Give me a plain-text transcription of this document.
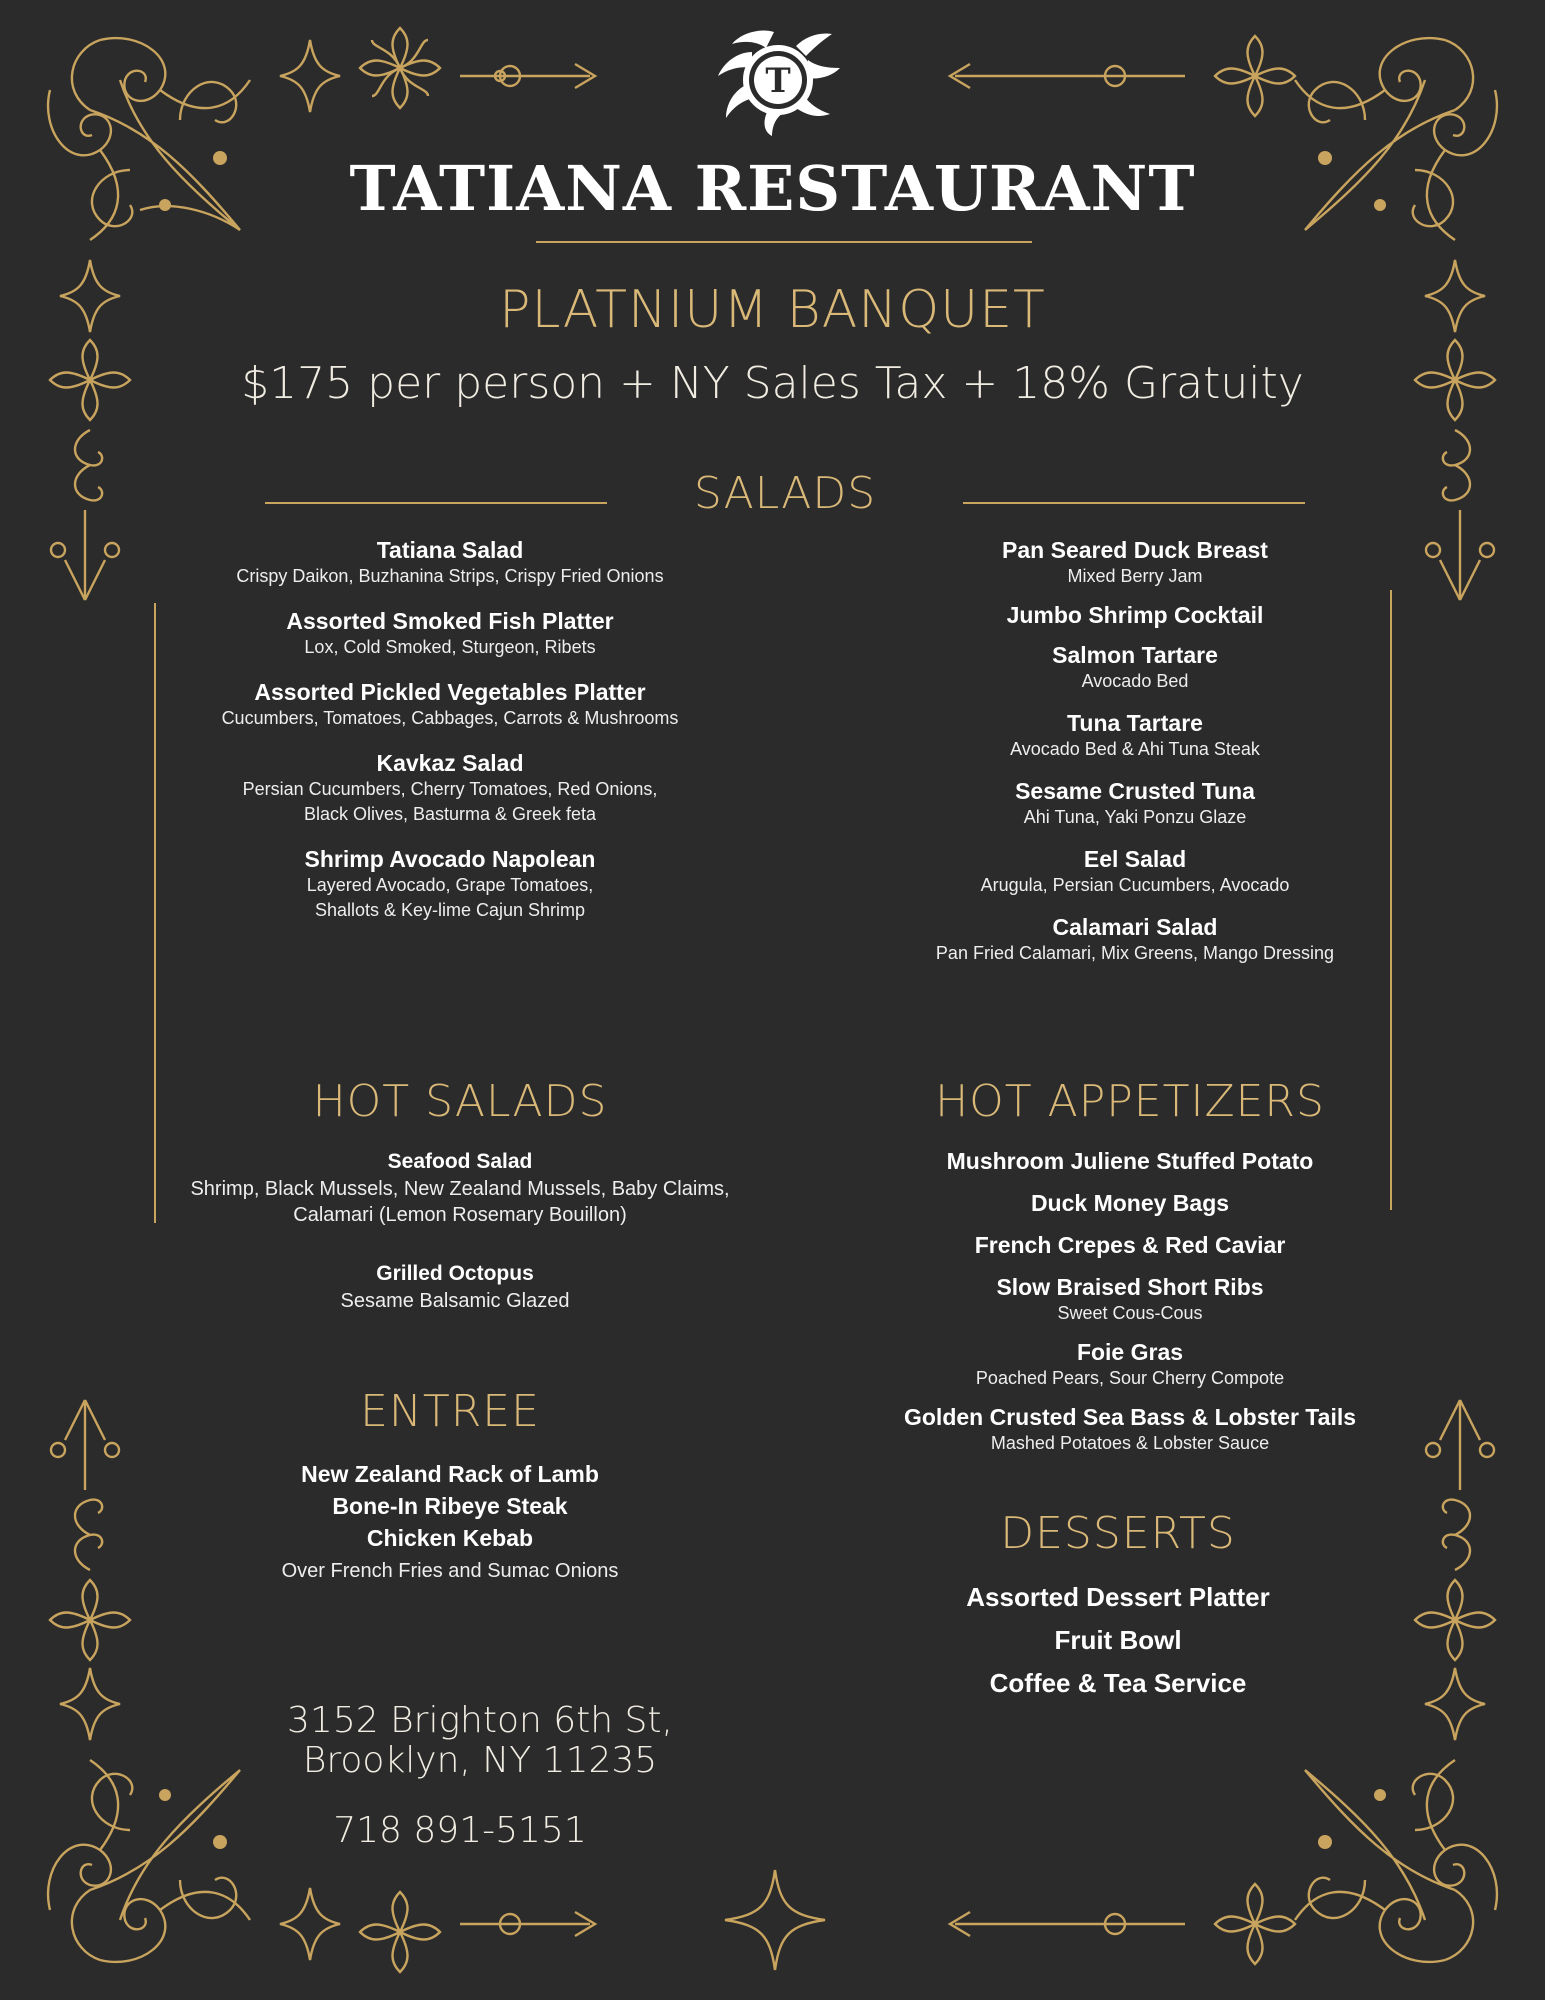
T
TATIANA RESTAURANT
PLATNIUM BANQUET
$175 per person + NY Sales Tax + 18% Gratuity
SALADS
Tatiana Salad
Crispy Daikon, Buzhanina Strips, Crispy Fried Onions
Assorted Smoked Fish Platter
Lox, Cold Smoked, Sturgeon, Ribets
Assorted Pickled Vegetables Platter
Cucumbers, Tomatoes, Cabbages, Carrots & Mushrooms
Kavkaz Salad
Persian Cucumbers, Cherry Tomatoes, Red Onions,
Black Olives, Basturma & Greek feta
Shrimp Avocado Napolean
Layered Avocado, Grape Tomatoes,
Shallots & Key-lime Cajun Shrimp
Pan Seared Duck Breast
Mixed Berry Jam
Jumbo Shrimp Cocktail
Salmon Tartare
Avocado Bed
Tuna Tartare
Avocado Bed & Ahi Tuna Steak
Sesame Crusted Tuna
Ahi Tuna, Yaki Ponzu Glaze
Eel Salad
Arugula, Persian Cucumbers, Avocado
Calamari Salad
Pan Fried Calamari, Mix Greens, Mango Dressing
HOT SALADS
Seafood Salad
Shrimp, Black Mussels, New Zealand Mussels, Baby Claims,
Calamari (Lemon Rosemary Bouillon)
Grilled Octopus
Sesame Balsamic Glazed
HOT APPETIZERS
Mushroom Juliene Stuffed Potato
Duck Money Bags
French Crepes & Red Caviar
Slow Braised Short Ribs
Sweet Cous-Cous
Foie Gras
Poached Pears, Sour Cherry Compote
Golden Crusted Sea Bass & Lobster Tails
Mashed Potatoes & Lobster Sauce
ENTREE
New Zealand Rack of Lamb
Bone-In Ribeye Steak
Chicken Kebab
Over French Fries and Sumac Onions
DESSERTS
Assorted Dessert Platter
Fruit Bowl
Coffee & Tea Service
3152 Brighton 6th St,
Brooklyn, NY 11235
718 891-5151
